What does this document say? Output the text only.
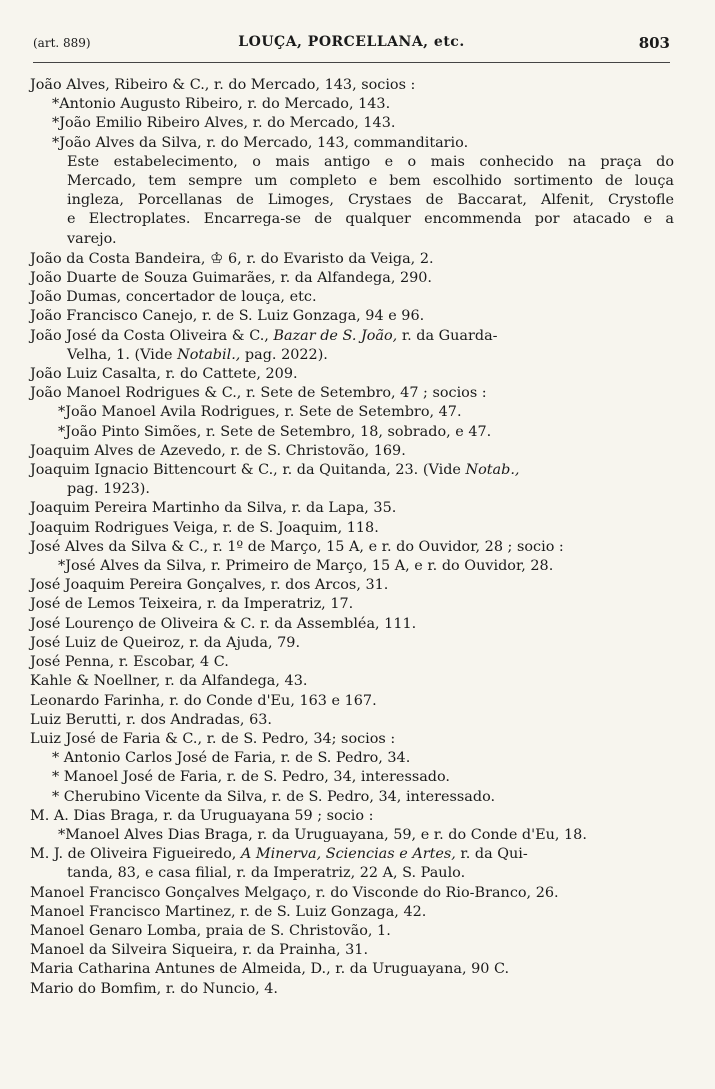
(art. 889)	LOUÇA, PORCELLANA, etc.	803

João Alves, Ribeiro & C., r. do Mercado, 143, socios :

*Antonio Augusto Ribeiro, r. do Mercado, 143.

*João Emilio Ribeiro Alves, r. do Mercado, 143.

*João Alves da Silva, r. do Mercado, 143, commanditario.

Este estabelecimento, o mais antigo e o mais conhecido na praça do

Mercado, tem sempre um completo e bem escolhido sortimento de louça

ingleza, Porcellanas de Limoges, Crystaes de Baccarat, Alfenit, Crystofle

e Electroplates. Encarrega-se de qualquer encommenda por atacado e a

varejo.

João da Costa Bandeira, ♔ 6, r. do Evaristo da Veiga, 2.

João Duarte de Souza Guimarães, r. da Alfandega, 290.

João Dumas, concertador de louça, etc.

João Francisco Canejo, r. de S. Luiz Gonzaga, 94 e 96.

João José da Costa Oliveira & C., Bazar de S. João, r. da Guarda-

Velha, 1. (Vide Notabil., pag. 2022).

João Luiz Casalta, r. do Cattete, 209.

João Manoel Rodrigues & C., r. Sete de Setembro, 47 ; socios :

*João Manoel Avila Rodrigues, r. Sete de Setembro, 47.

*João Pinto Simões, r. Sete de Setembro, 18, sobrado, e 47.

Joaquim Alves de Azevedo, r. de S. Christovão, 169.

Joaquim Ignacio Bittencourt & C., r. da Quitanda, 23. (Vide Notab.,

pag. 1923).

Joaquim Pereira Martinho da Silva, r. da Lapa, 35.

Joaquim Rodrigues Veiga, r. de S. Joaquim, 118.

José Alves da Silva & C., r. 1º de Março, 15 A, e r. do Ouvidor, 28 ; socio :

*José Alves da Silva, r. Primeiro de Março, 15 A, e r. do Ouvidor, 28.

José Joaquim Pereira Gonçalves, r. dos Arcos, 31.

José de Lemos Teixeira, r. da Imperatriz, 17.

José Lourenço de Oliveira & C. r. da Assembléa, 111.

José Luiz de Queiroz, r. da Ajuda, 79.

José Penna, r. Escobar, 4 C.

Kahle & Noellner, r. da Alfandega, 43.

Leonardo Farinha, r. do Conde d'Eu, 163 e 167.

Luiz Berutti, r. dos Andradas, 63.

Luiz José de Faria & C., r. de S. Pedro, 34; socios :

* Antonio Carlos José de Faria, r. de S. Pedro, 34.

* Manoel José de Faria, r. de S. Pedro, 34, interessado.

* Cherubino Vicente da Silva, r. de S. Pedro, 34, interessado.

M. A. Dias Braga, r. da Uruguayana 59 ; socio :

*Manoel Alves Dias Braga, r. da Uruguayana, 59, e r. do Conde d'Eu, 18.

M. J. de Oliveira Figueiredo, A Minerva, Sciencias e Artes, r. da Qui-

tanda, 83, e casa filial, r. da Imperatriz, 22 A, S. Paulo.

Manoel Francisco Gonçalves Melgaço, r. do Visconde do Rio-Branco, 26.

Manoel Francisco Martinez, r. de S. Luiz Gonzaga, 42.

Manoel Genaro Lomba, praia de S. Christovão, 1.

Manoel da Silveira Siqueira, r. da Prainha, 31.

Maria Catharina Antunes de Almeida, D., r. da Uruguayana, 90 C.

Mario do Bomfim, r. do Nuncio, 4.
